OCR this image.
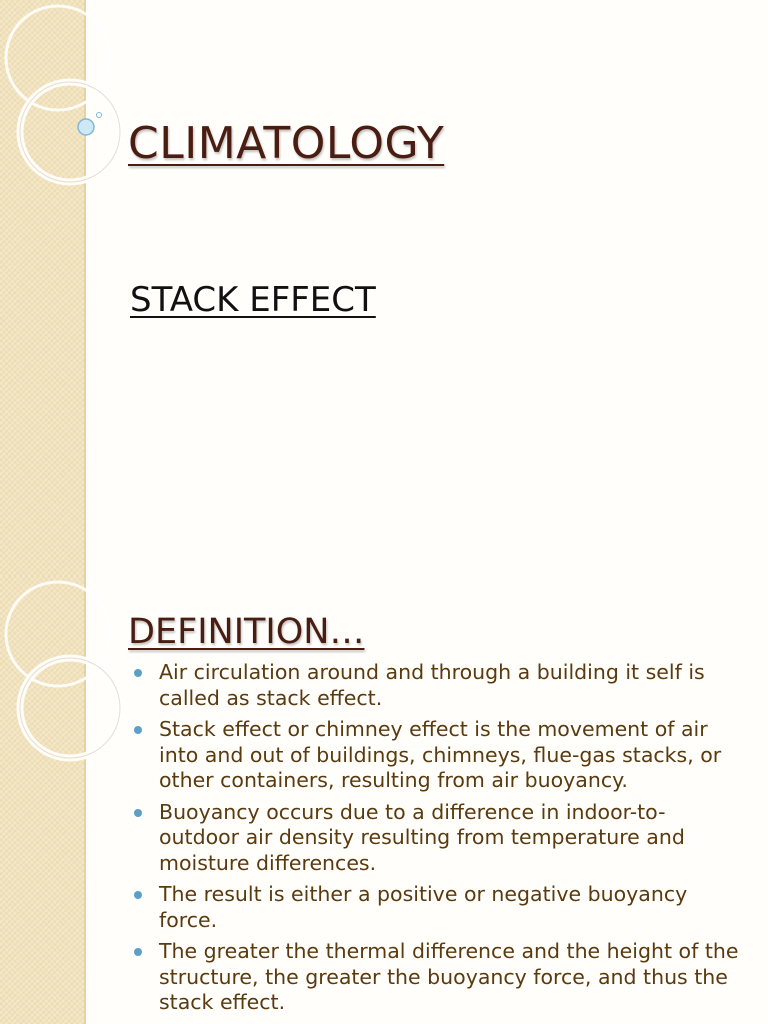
CLIMATOLOGY
STACK EFFECT
DEFINITION…
Air circulation around and through a building it self is called as stack effect.
Stack effect or chimney effect is the movement of air into and out of buildings, chimneys, flue-gas stacks, or other containers, resulting from air buoyancy.
Buoyancy occurs due to a difference in indoor-to-outdoor air density resulting from temperature and moisture differences.
The result is either a positive or negative buoyancy force.
The greater the thermal difference and the height of the structure, the greater the buoyancy force, and thus the stack effect.
